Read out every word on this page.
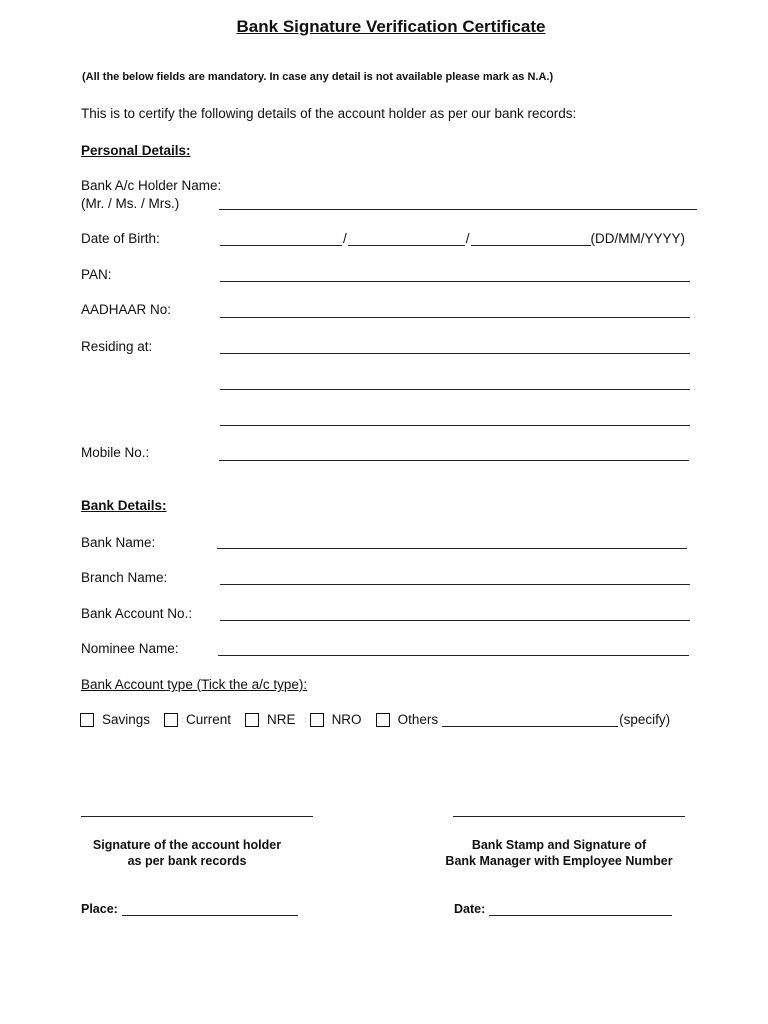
Bank Signature Verification Certificate
(All the below fields are mandatory. In case any detail is not available please mark as N.A.)
This is to certify the following details of the account holder as per our bank records:
Personal Details:
Bank A/c Holder Name:
(Mr. / Ms. / Mrs.)
Date of Birth:	/	/	(DD/MM/YYYY)
PAN:
AADHAAR No:
Residing at:
Mobile No.:
Bank Details:
Bank Name:
Branch Name:
Bank Account No.:
Nominee Name:
Bank Account type (Tick the a/c type):
Savings	Current	NRE	NRO	Others	(specify)
Signature of the account holder
as per bank records
Bank Stamp and Signature of
Bank Manager with Employee Number
Place:	Date:
